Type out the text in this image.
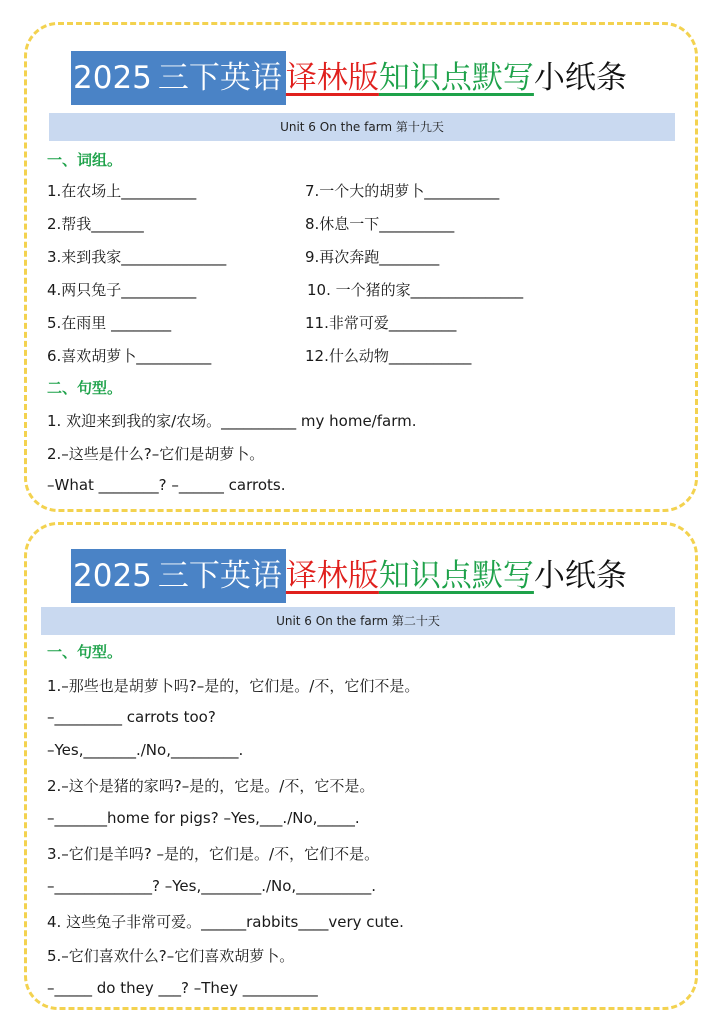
2025 三下英语 译林版 知识点默写 小纸条
Unit 6 On the farm 第十九天
一、词组。
1.在农场上__________
2.帮我_______
3.来到我家______________
4.两只兔子__________
5.在雨里 ________
6.喜欢胡萝卜__________
7.一个大的胡萝卜__________
8.休息一下__________
9.再次奔跑________
10. 一个猪的家_______________
11.非常可爱_________
12.什么动物___________
二、句型。
1. 欢迎来到我的家/农场。__________ my home/farm.
2.–这些是什么?–它们是胡萝卜。
–What ________? –______ carrots.
2025 三下英语 译林版 知识点默写 小纸条
Unit 6 On the farm 第二十天
一、句型。
1.–那些也是胡萝卜吗?–是的，它们是。/不，它们不是。
–_________ carrots too?
–Yes,_______./No,_________.
2.–这个是猪的家吗?–是的，它是。/不，它不是。
–_______home for pigs? –Yes,___./No,_____.
3.–它们是羊吗? –是的，它们是。/不，它们不是。
–_____________? –Yes,________./No,__________.
4. 这些兔子非常可爱。______rabbits____very cute.
5.–它们喜欢什么?–它们喜欢胡萝卜。
–_____ do they ___? –They __________
